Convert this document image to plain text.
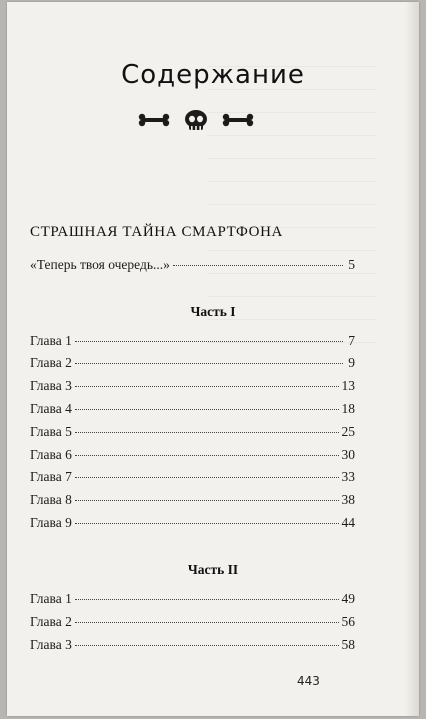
Содержание
СТРАШНАЯ ТАЙНА СМАРТФОНА
«Теперь твоя очередь...»	5
Часть I
Глава 1	7
Глава 2	9
Глава 3	13
Глава 4	18
Глава 5	25
Глава 6	30
Глава 7	33
Глава 8	38
Глава 9	44
Часть II
Глава 1	49
Глава 2	56
Глава 3	58
443
